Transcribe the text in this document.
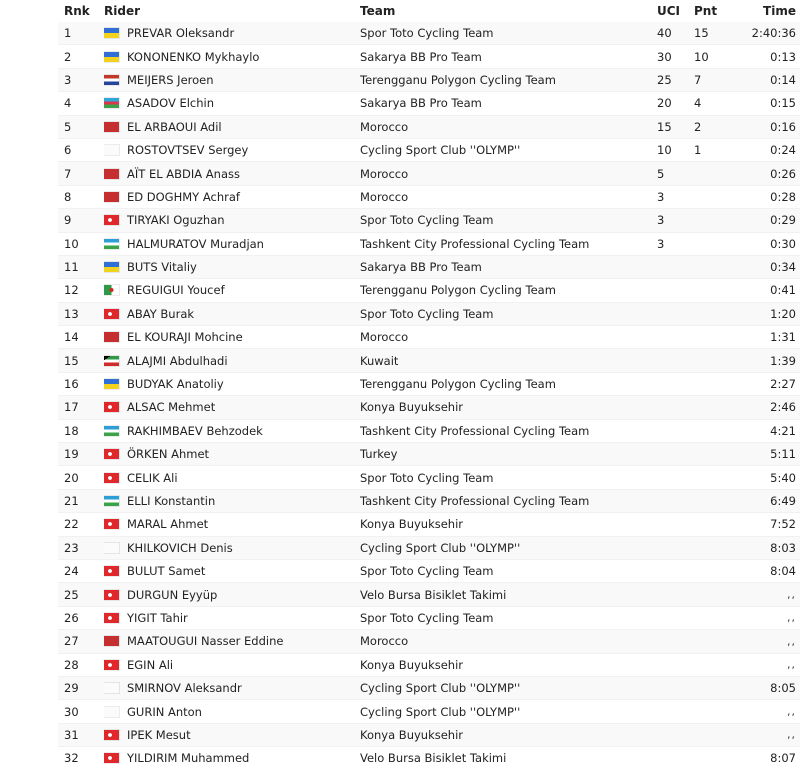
Rnk	Rider	Team	UCI	Pnt	Time
1	PREVAR Oleksandr	Spor Toto Cycling Team	40	15	2:40:36
2	KONONENKO Mykhaylo	Sakarya BB Pro Team	30	10	0:13
3	MEIJERS Jeroen	Terengganu Polygon Cycling Team	25	7	0:14
4	ASADOV Elchin	Sakarya BB Pro Team	20	4	0:15
5	EL ARBAOUI Adil	Morocco	15	2	0:16
6	ROSTOVTSEV Sergey	Cycling Sport Club ''OLYMP''	10	1	0:24
7	AÏT EL ABDIA Anass	Morocco	5		0:26
8	ED DOGHMY Achraf	Morocco	3		0:28
9	TIRYAKI Oguzhan	Spor Toto Cycling Team	3		0:29
10	HALMURATOV Muradjan	Tashkent City Professional Cycling Team	3		0:30
11	BUTS Vitaliy	Sakarya BB Pro Team			0:34
12	REGUIGUI Youcef	Terengganu Polygon Cycling Team			0:41
13	ABAY Burak	Spor Toto Cycling Team			1:20
14	EL KOURAJI Mohcine	Morocco			1:31
15	ALAJMI Abdulhadi	Kuwait			1:39
16	BUDYAK Anatoliy	Terengganu Polygon Cycling Team			2:27
17	ALSAC Mehmet	Konya Buyuksehir			2:46
18	RAKHIMBAEV Behzodek	Tashkent City Professional Cycling Team			4:21
19	ÖRKEN Ahmet	Turkey			5:11
20	CELIK Ali	Spor Toto Cycling Team			5:40
21	ELLI Konstantin	Tashkent City Professional Cycling Team			6:49
22	MARAL Ahmet	Konya Buyuksehir			7:52
23	KHILKOVICH Denis	Cycling Sport Club ''OLYMP''			8:03
24	BULUT Samet	Spor Toto Cycling Team			8:04
25	DURGUN Eyyüp	Velo Bursa Bisiklet Takimi			,,
26	YIGIT Tahir	Spor Toto Cycling Team			,,
27	MAATOUGUI Nasser Eddine	Morocco			,,
28	EGIN Ali	Konya Buyuksehir			,,
29	SMIRNOV Aleksandr	Cycling Sport Club ''OLYMP''			8:05
30	GURIN Anton	Cycling Sport Club ''OLYMP''			,,
31	IPEK Mesut	Konya Buyuksehir			,,
32	YILDIRIM Muhammed	Velo Bursa Bisiklet Takimi			8:07
